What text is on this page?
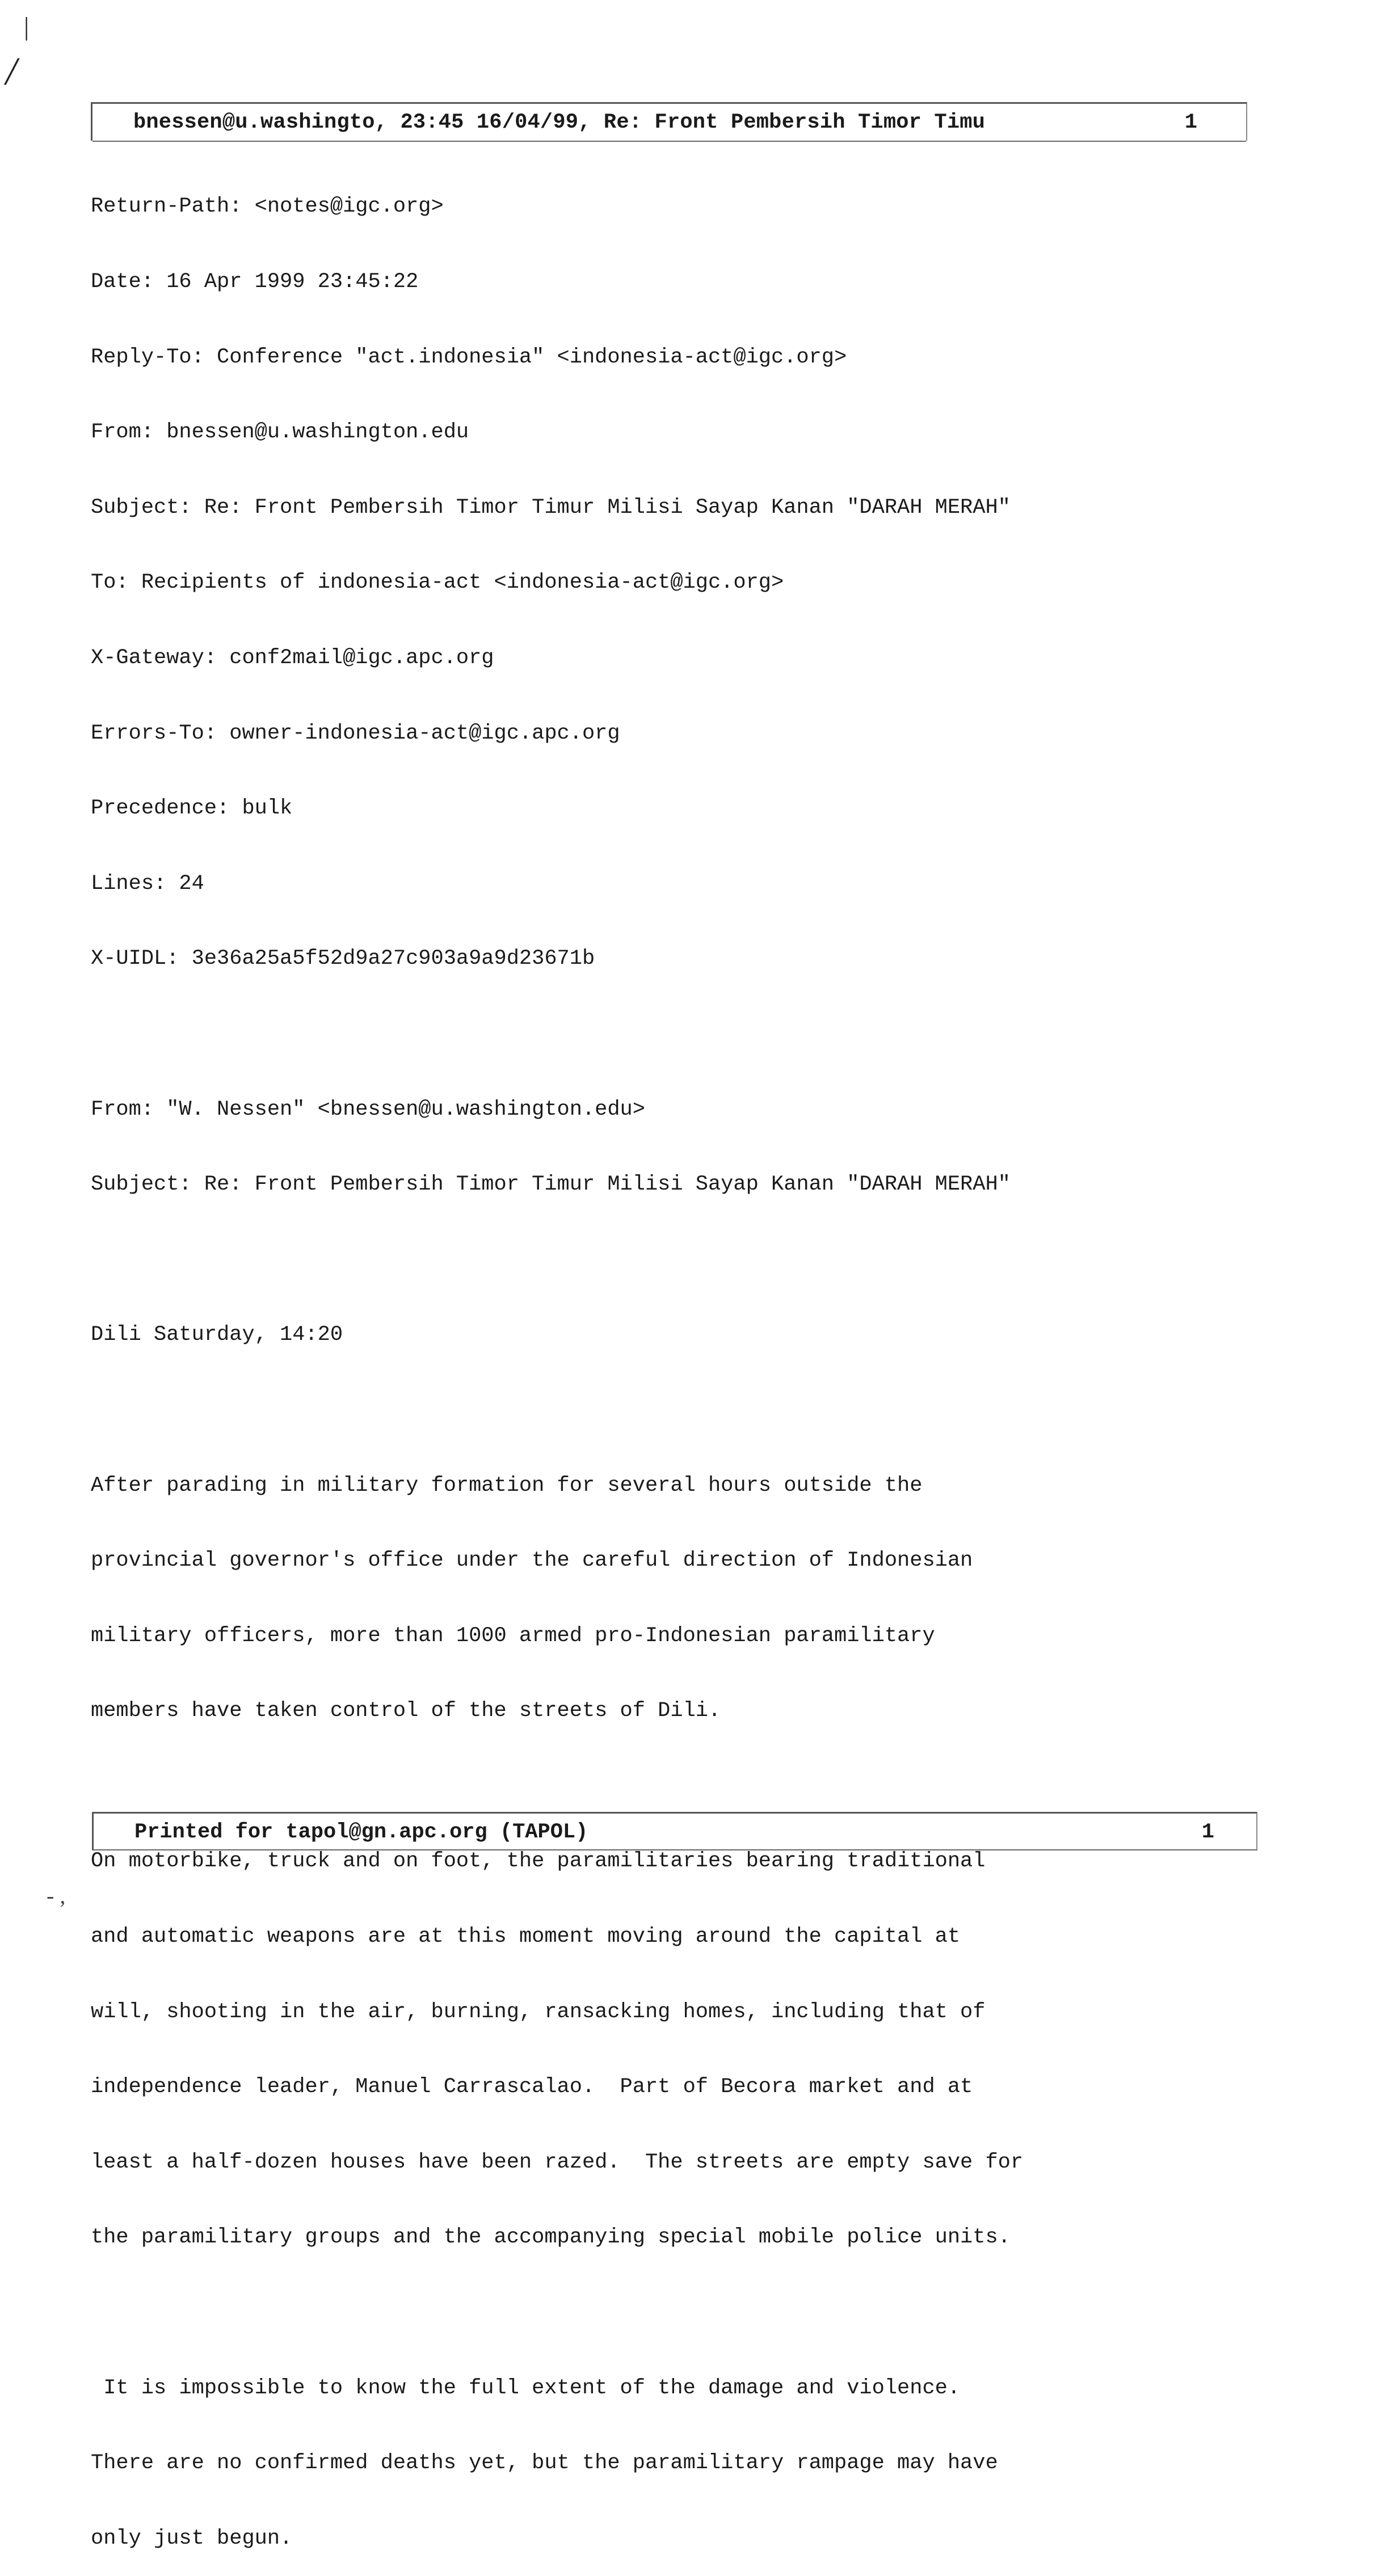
|
/
- ,
bnessen@u.washingto, 23:45 16/04/99, Re: Front Pembersih Timor Timu	1

Return-Path: <notes@igc.org>

Date: 16 Apr 1999 23:45:22

Reply-To: Conference "act.indonesia" <indonesia-act@igc.org>

From: bnessen@u.washington.edu

Subject: Re: Front Pembersih Timor Timur Milisi Sayap Kanan "DARAH MERAH"

To: Recipients of indonesia-act <indonesia-act@igc.org>

X-Gateway: conf2mail@igc.apc.org

Errors-To: owner-indonesia-act@igc.apc.org

Precedence: bulk

Lines: 24

X-UIDL: 3e36a25a5f52d9a27c903a9a9d23671b

From: "W. Nessen" <bnessen@u.washington.edu>

Subject: Re: Front Pembersih Timor Timur Milisi Sayap Kanan "DARAH MERAH"

Dili Saturday, 14:20

After parading in military formation for several hours outside the

provincial governor's office under the careful direction of Indonesian

military officers, more than 1000 armed pro-Indonesian paramilitary

members have taken control of the streets of Dili.

On motorbike, truck and on foot, the paramilitaries bearing traditional

and automatic weapons are at this moment moving around the capital at

will, shooting in the air, burning, ransacking homes, including that of

independence leader, Manuel Carrascalao.  Part of Becora market and at

least a half-dozen houses have been razed.  The streets are empty save for

the paramilitary groups and the accompanying special mobile police units.

It is impossible to know the full extent of the damage and violence.

There are no confirmed deaths yet, but the paramilitary rampage may have

only just begun.

Printed for tapol@gn.apc.org (TAPOL)	1
